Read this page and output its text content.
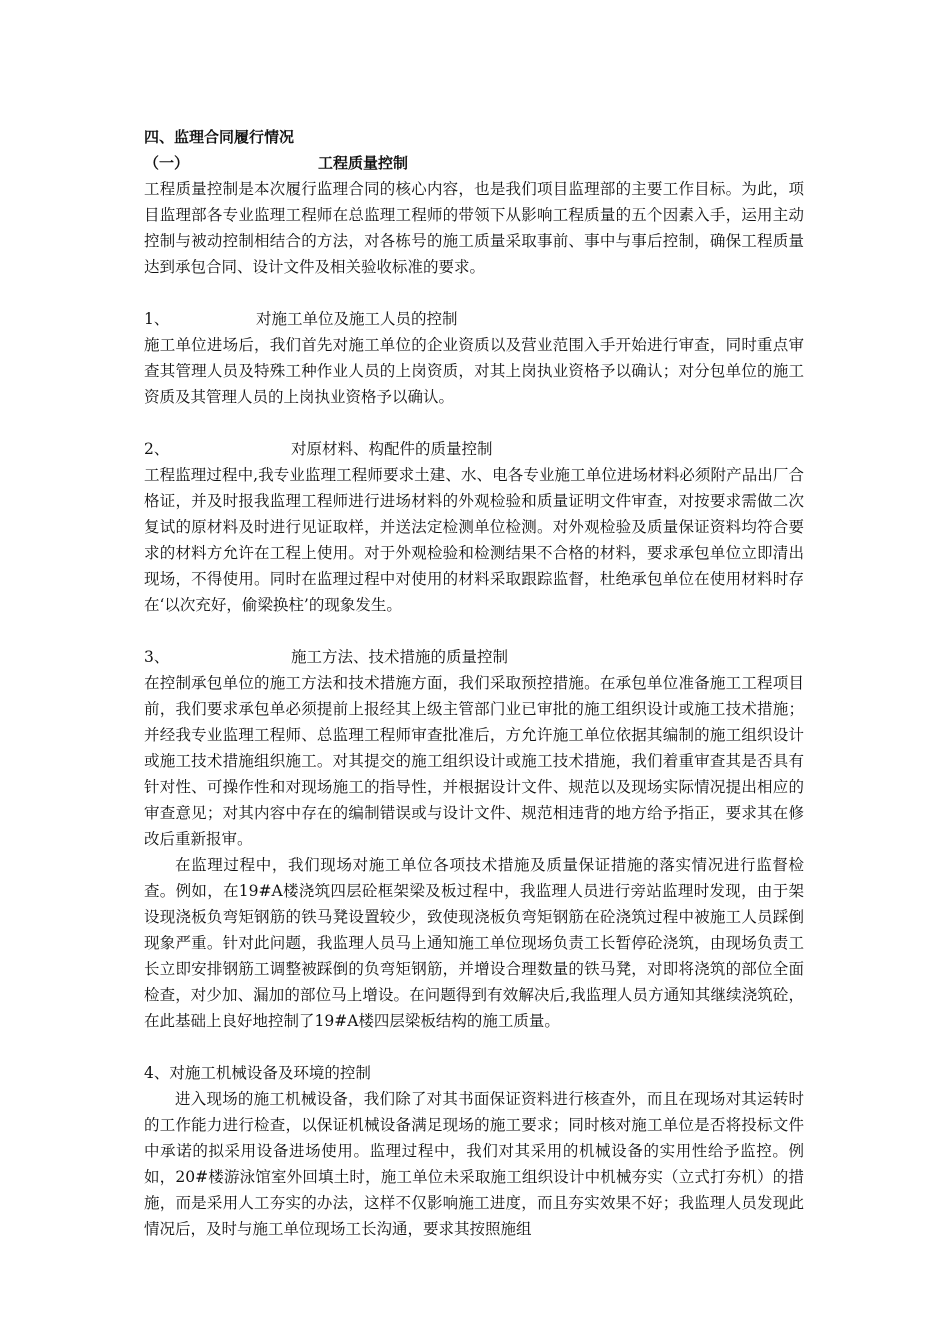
四、监理合同履行情况
（一）	工程质量控制
工程质量控制是本次履行监理合同的核心内容，也是我们项目监理部的主要工作目标。为此，项目监理部各专业监理工程师在总监理工程师的带领下从影响工程质量的五个因素入手，运用主动控制与被动控制相结合的方法，对各栋号的施工质量采取事前、事中与事后控制，确保工程质量达到承包合同、设计文件及相关验收标准的要求。
1、	对施工单位及施工人员的控制
施工单位进场后，我们首先对施工单位的企业资质以及营业范围入手开始进行审查，同时重点审查其管理人员及特殊工种作业人员的上岗资质，对其上岗执业资格予以确认；对分包单位的施工资质及其管理人员的上岗执业资格予以确认。
2、	对原材料、构配件的质量控制
工程监理过程中,我专业监理工程师要求土建、水、电各专业施工单位进场材料必须附产品出厂合格证，并及时报我监理工程师进行进场材料的外观检验和质量证明文件审查，对按要求需做二次复试的原材料及时进行见证取样，并送法定检测单位检测。对外观检验及质量保证资料均符合要求的材料方允许在工程上使用。对于外观检验和检测结果不合格的材料，要求承包单位立即清出现场，不得使用。同时在监理过程中对使用的材料采取跟踪监督，杜绝承包单位在使用材料时存在‘以次充好，偷梁换柱’的现象发生。
3、	施工方法、技术措施的质量控制
在控制承包单位的施工方法和技术措施方面，我们采取预控措施。在承包单位准备施工工程项目前，我们要求承包单必须提前上报经其上级主管部门业已审批的施工组织设计或施工技术措施；并经我专业监理工程师、总监理工程师审查批准后，方允许施工单位依据其编制的施工组织设计或施工技术措施组织施工。对其提交的施工组织设计或施工技术措施，我们着重审查其是否具有针对性、可操作性和对现场施工的指导性，并根据设计文件、规范以及现场实际情况提出相应的审查意见；对其内容中存在的编制错误或与设计文件、规范相违背的地方给予指正，要求其在修改后重新报审。
在监理过程中，我们现场对施工单位各项技术措施及质量保证措施的落实情况进行监督检查。例如，在19#A楼浇筑四层砼框架梁及板过程中，我监理人员进行旁站监理时发现，由于架设现浇板负弯矩钢筋的铁马凳设置较少，致使现浇板负弯矩钢筋在砼浇筑过程中被施工人员踩倒现象严重。针对此问题，我监理人员马上通知施工单位现场负责工长暂停砼浇筑，由现场负责工长立即安排钢筋工调整被踩倒的负弯矩钢筋，并增设合理数量的铁马凳，对即将浇筑的部位全面检查，对少加、漏加的部位马上增设。在问题得到有效解决后,我监理人员方通知其继续浇筑砼，在此基础上良好地控制了19#A楼四层梁板结构的施工质量。
4、对施工机械设备及环境的控制
进入现场的施工机械设备，我们除了对其书面保证资料进行核查外，而且在现场对其运转时的工作能力进行检查，以保证机械设备满足现场的施工要求；同时核对施工单位是否将投标文件中承诺的拟采用设备进场使用。监理过程中，我们对其采用的机械设备的实用性给予监控。例如，20#楼游泳馆室外回填土时，施工单位未采取施工组织设计中机械夯实（立式打夯机）的措施，而是采用人工夯实的办法，这样不仅影响施工进度，而且夯实效果不好；我监理人员发现此情况后，及时与施工单位现场工长沟通，要求其按照施组
